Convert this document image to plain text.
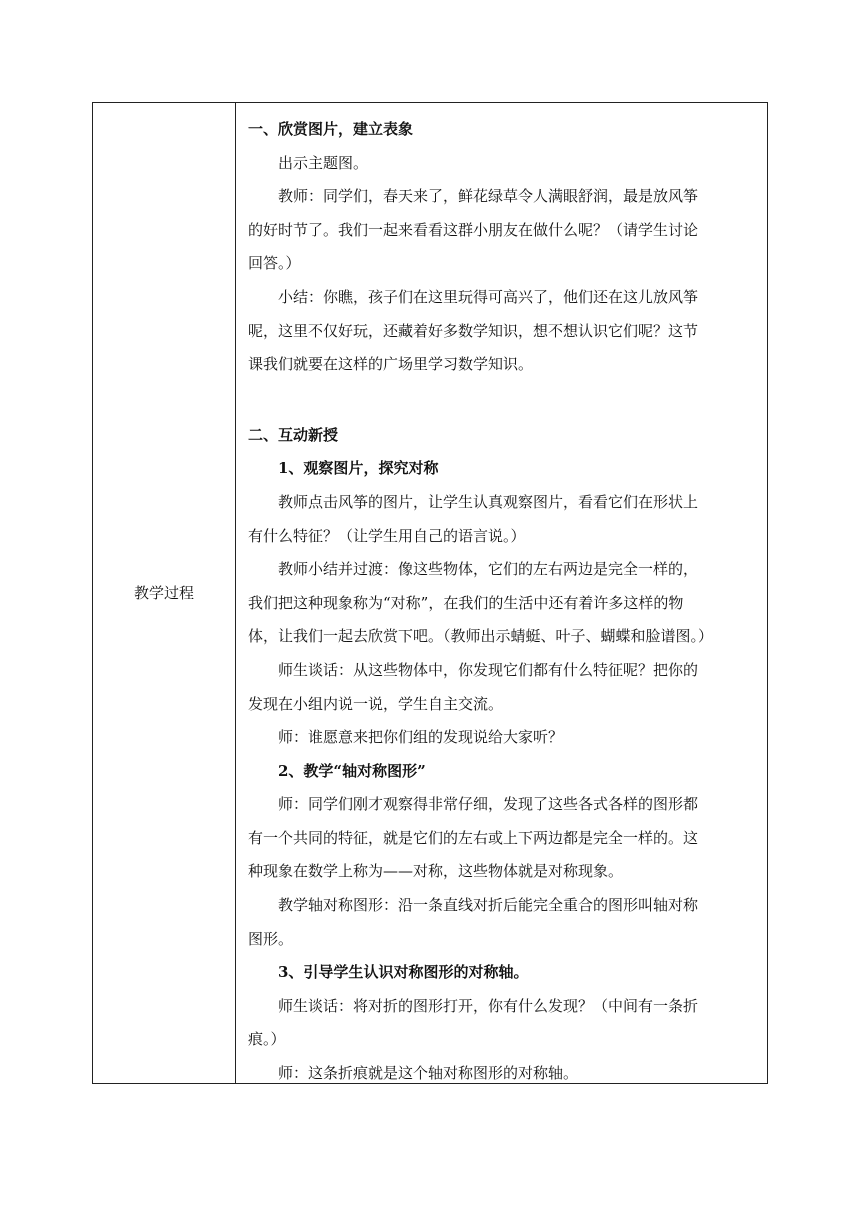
教学过程
一、欣赏图片，建立表象
出示主题图。
教师：同学们，春天来了，鲜花绿草令人满眼舒润，最是放风筝
的好时节了。我们一起来看看这群小朋友在做什么呢？（请学生讨论
回答。）
小结：你瞧，孩子们在这里玩得可高兴了，他们还在这儿放风筝
呢，这里不仅好玩，还藏着好多数学知识，想不想认识它们呢？这节
课我们就要在这样的广场里学习数学知识。
二、互动新授
1、观察图片，探究对称
教师点击风筝的图片，让学生认真观察图片，看看它们在形状上
有什么特征？（让学生用自己的语言说。）
教师小结并过渡：像这些物体，它们的左右两边是完全一样的，
我们把这种现象称为“对称”，在我们的生活中还有着许多这样的物
体，让我们一起去欣赏下吧。（教师出示蜻蜓、叶子、蝴蝶和脸谱图。）
师生谈话：从这些物体中，你发现它们都有什么特征呢？把你的
发现在小组内说一说，学生自主交流。
师：谁愿意来把你们组的发现说给大家听？
2、教学“轴对称图形”
师：同学们刚才观察得非常仔细，发现了这些各式各样的图形都
有一个共同的特征，就是它们的左右或上下两边都是完全一样的。这
种现象在数学上称为——对称，这些物体就是对称现象。
教学轴对称图形：沿一条直线对折后能完全重合的图形叫轴对称
图形。
3、引导学生认识对称图形的对称轴。
师生谈话：将对折的图形打开，你有什么发现？（中间有一条折
痕。）
师：这条折痕就是这个轴对称图形的对称轴。
